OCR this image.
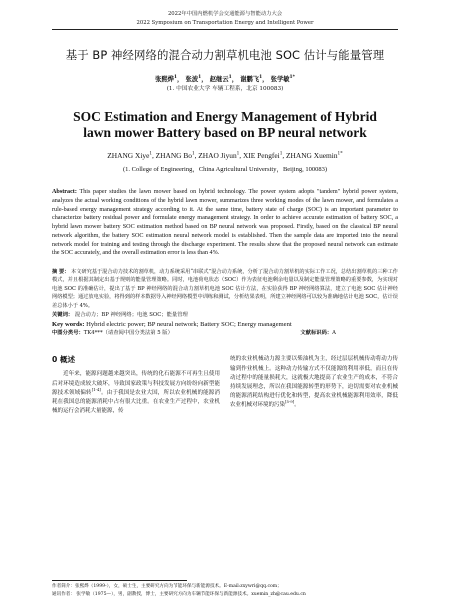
2022年中国内燃机学会交通能源与智能动力大会
2022 Symposium on Transportation Energy and Intelligent Power
基于 BP 神经网络的混合动力割草机电池 SOC 估计与能量管理
张熙烨$^1$， 张波$^1$， 赵继云$^1$， 谢鹏飞$^1$， 张学敏$^{1*}$
(1. 中国农业大学 车辆工程系，北京 100083)
SOC Estimation and Energy Management of Hybrid
lawn mower Battery based on BP neural network
ZHANG Xiye$^1$, ZHANG Bo$^1$, ZHAO Jiyun$^1$, XIE Pengfei$^1$, ZHANG Xuemin$^{1*}$
(1. College of Engineering，China Agricultural University，Beijing, 100083)
Abstract: This paper studies the lawn mower based on hybrid technology. The power system adopts "tandem" hybrid power system, analyzes the actual working conditions of the hybrid lawn mower, summarizes three working modes of the lawn mower, and formulates a rule-based energy management strategy according to it. At the same time, battery state of charge (SOC) is an important parameter to characterize battery residual power and formulate energy management strategy. In order to achieve accurate estimation of battery SOC, a hybrid lawn mower battery SOC estimation method based on BP neural network was proposed. Firstly, based on the classical BP neural network algorithm, the battery SOC estimation neural network model is established. Then the sample data are imported into the neural network model for training and testing through the discharge experiment. The results show that the proposed neural network can estimate the SOC accurately, and the overall estimation error is less than 4%.
摘 要： 本文研究基于混合动力技术的割草机，动力系统采用“串联式”混合动力系统，分析了混合动力割草机的实际工作工况，总结出割草机的三种工作模式，并且根据其制定出基于规则的能量管理策略。同时，电池荷电状态（SOC）作为表征电池剩余电量以及制定能量管理策略的重要参数，为实现对电池 SOC 的准确估计，提出了基于 BP 神经网络的混合动力割草机电池 SOC 估计方法，在实验获得 BP 神经网络算法，建立了电池 SOC 估计神经网络模型；通过放电实验，将得到的样本数据导入神经网络模型中训练和测试，分析结果表明，所建立神经网络可以较为准确地估计电池 SOC，估计误差总体小于 4%。
关键词： 混合动力；BP 神经网络；电池 SOC；能量管理
Key words: Hybrid electric power; BP neural network; Battery SOC; Energy management
中图分类号：TK4***（请查阅中国分类法第 5 版）	文献标识码：A
0 概述
近年来，能源问题越来越突出，传统的化石能源不可再生且使用后对环境造成较大破坏，导致国家政策与科技发展方向纷纷向新型能源技术领域偏转[1-4]。由于我国是农业大国，所以农业机械的能源消耗在我国总的能源消耗中占有很大比重。在农业生产过程中，农业机械的运行会消耗大量能源，传
统的农业机械动力源主要以柴油机为主，经过层层机械传动将动力传输到作业机械上。这种动力传输方式不仅能源的利用率低，而且在传动过程中的能量损耗大，这就极大地提高了农业生产的成本，不符合持续发展理念，所以在我国能源转型的形势下，迫切需要对农业机械的能源消耗结构进行优化和转型，提高农业机械能源利用效率，降低农业机械对环境的污染[5-9]。
作者简介：张熙烨（1999-），女，硕士生，主要研究方向为节能环保与新能源技术。E-mail:zxywri@qq.com；
通讯作者： 张学敏（1975—），男，副教授，博士，主要研究方向为车辆节能环保与新能源技术。xuemin_zh@cau.edu.cn
